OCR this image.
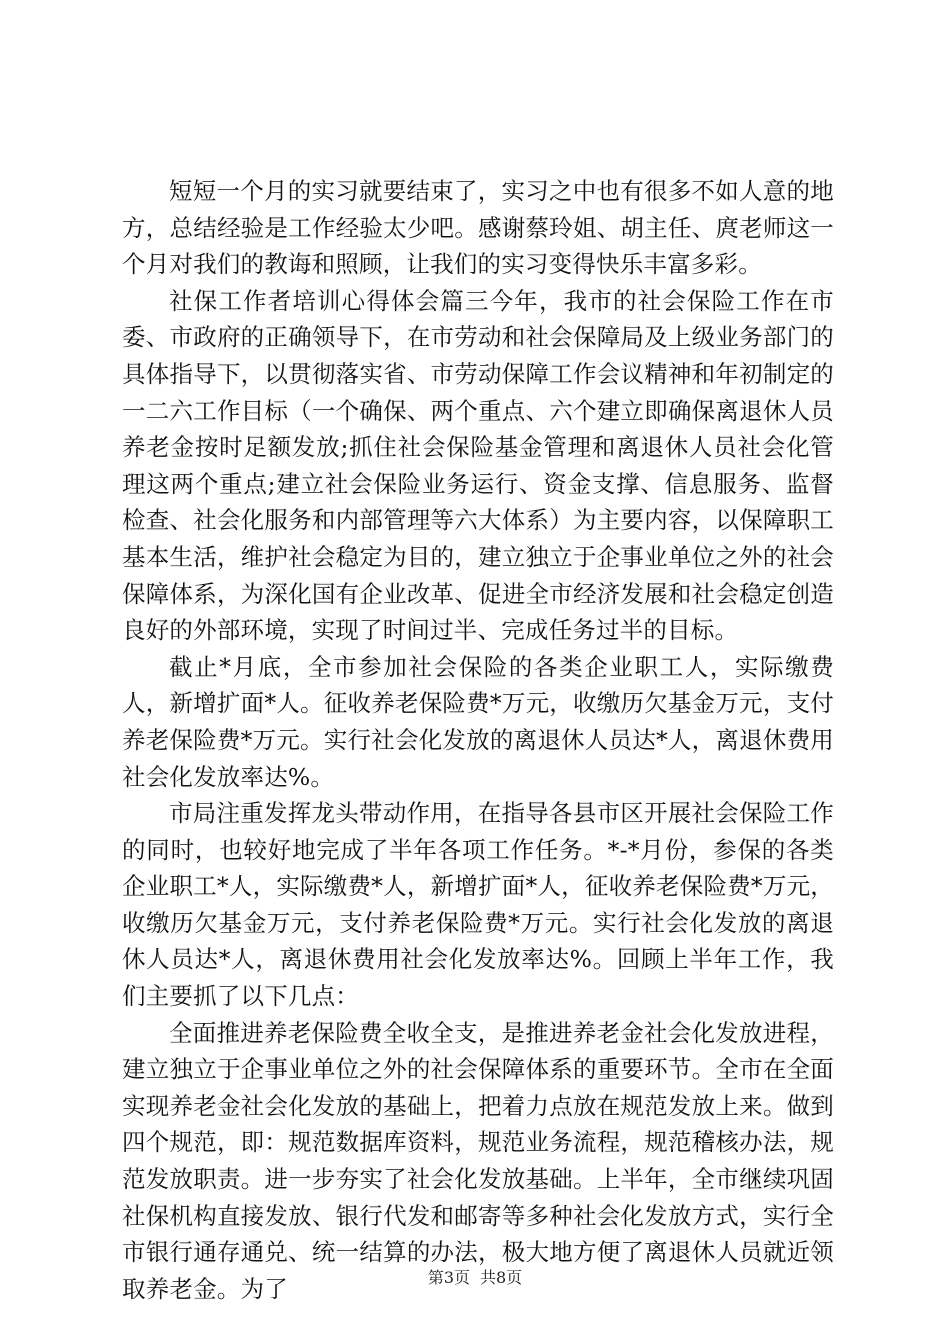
短短一个月的实习就要结束了，实习之中也有很多不如人意的地方，总结经验是工作经验太少吧。感谢蔡玲姐、胡主任、庹老师这一个月对我们的教诲和照顾，让我们的实习变得快乐丰富多彩。

社保工作者培训心得体会篇三今年，我市的社会保险工作在市委、市政府的正确领导下，在市劳动和社会保障局及上级业务部门的具体指导下，以贯彻落实省、市劳动保障工作会议精神和年初制定的一二六工作目标（一个确保、两个重点、六个建立即确保离退休人员养老金按时足额发放;抓住社会保险基金管理和离退休人员社会化管理这两个重点;建立社会保险业务运行、资金支撑、信息服务、监督检查、社会化服务和内部管理等六大体系）为主要内容，以保障职工基本生活，维护社会稳定为目的，建立独立于企事业单位之外的社会保障体系，为深化国有企业改革、促进全市经济发展和社会稳定创造良好的外部环境，实现了时间过半、完成任务过半的目标。

截止*月底，全市参加社会保险的各类企业职工人，实际缴费人，新增扩面*人。征收养老保险费*万元，收缴历欠基金万元，支付养老保险费*万元。实行社会化发放的离退休人员达*人，离退休费用社会化发放率达%。

市局注重发挥龙头带动作用，在指导各县市区开展社会保险工作的同时，也较好地完成了半年各项工作任务。*-*月份，参保的各类企业职工*人，实际缴费*人，新增扩面*人，征收养老保险费*万元，收缴历欠基金万元，支付养老保险费*万元。实行社会化发放的离退休人员达*人，离退休费用社会化发放率达%。回顾上半年工作，我们主要抓了以下几点：

全面推进养老保险费全收全支，是推进养老金社会化发放进程，建立独立于企事业单位之外的社会保障体系的重要环节。全市在全面实现养老金社会化发放的基础上，把着力点放在规范发放上来。做到四个规范，即：规范数据库资料，规范业务流程，规范稽核办法，规范发放职责。进一步夯实了社会化发放基础。上半年，全市继续巩固社保机构直接发放、银行代发和邮寄等多种社会化发放方式，实行全市银行通存通兑、统一结算的办法，极大地方便了离退休人员就近领取养老金。为了	第3页 共8页
